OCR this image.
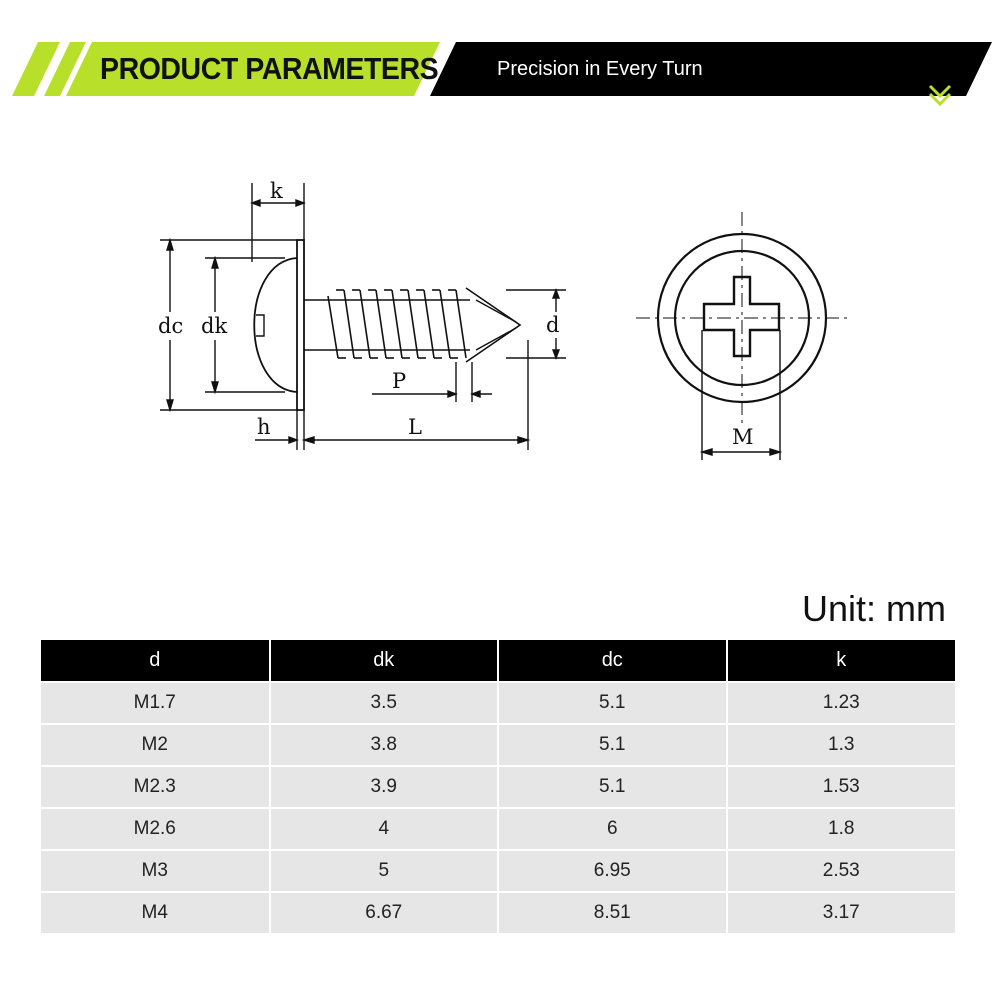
PRODUCT PARAMETERS	Precision in Every Turn
k
dc dk
h	L
P
d
M
Unit: mm
d	dk	dc	k
M1.7	3.5	5.1	1.23
M2	3.8	5.1	1.3
M2.3	3.9	5.1	1.53
M2.6	4	6	1.8
M3	5	6.95	2.53
M4	6.67	8.51	3.17
